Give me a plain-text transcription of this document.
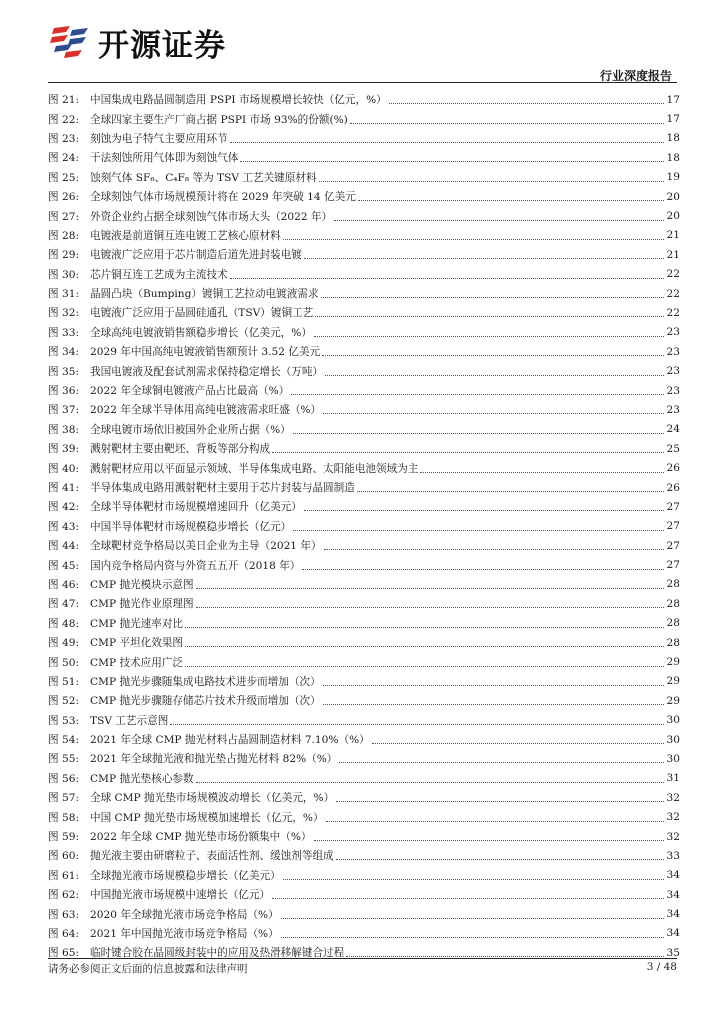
开源证券
行业深度报告
图 21:	中国集成电路晶圆制造用 PSPI 市场规模增长较快（亿元，%）	17
图 22:	全球四家主要生产厂商占据 PSPI 市场 93%的份额(%)	17
图 23:	刻蚀为电子特气主要应用环节	18
图 24:	干法刻蚀所用气体即为刻蚀气体	18
图 25:	蚀刻气体 SF₆、C₄F₈ 等为 TSV 工艺关键原材料	19
图 26:	全球刻蚀气体市场规模预计将在 2029 年突破 14 亿美元	20
图 27:	外资企业约占据全球刻蚀气体市场大头（2022 年）	20
图 28:	电镀液是前道铜互连电镀工艺核心原材料	21
图 29:	电镀液广泛应用于芯片制造后道先进封装电镀	21
图 30:	芯片铜互连工艺成为主流技术	22
图 31:	晶圆凸块（Bumping）镀铜工艺拉动电镀液需求	22
图 32:	电镀液广泛应用于晶圆硅通孔（TSV）镀铜工艺	22
图 33:	全球高纯电镀液销售额稳步增长（亿美元，%）	23
图 34:	2029 年中国高纯电镀液销售额预计 3.52 亿美元	23
图 35:	我国电镀液及配套试剂需求保持稳定增长（万吨）	23
图 36:	2022 年全球铜电镀液产品占比最高（%）	23
图 37:	2022 年全球半导体用高纯电镀液需求旺盛（%）	23
图 38:	全球电镀市场依旧被国外企业所占据（%）	24
图 39:	溅射靶材主要由靶坯、背板等部分构成	25
图 40:	溅射靶材应用以平面显示领域、半导体集成电路、太阳能电池领域为主	26
图 41:	半导体集成电路用溅射靶材主要用于芯片封装与晶圆制造	26
图 42:	全球半导体靶材市场规模增速回升（亿美元）	27
图 43:	中国半导体靶材市场规模稳步增长（亿元）	27
图 44:	全球靶材竞争格局以美日企业为主导（2021 年）	27
图 45:	国内竞争格局内资与外资五五开（2018 年）	27
图 46:	CMP 抛光模块示意图	28
图 47:	CMP 抛光作业原理图	28
图 48:	CMP 抛光速率对比	28
图 49:	CMP 平坦化效果图	28
图 50:	CMP 技术应用广泛	29
图 51:	CMP 抛光步骤随集成电路技术进步而增加（次）	29
图 52:	CMP 抛光步骤随存储芯片技术升级而增加（次）	29
图 53:	TSV 工艺示意图	30
图 54:	2021 年全球 CMP 抛光材料占晶圆制造材料 7.10%（%）	30
图 55:	2021 年全球抛光液和抛光垫占抛光材料 82%（%）	30
图 56:	CMP 抛光垫核心参数	31
图 57:	全球 CMP 抛光垫市场规模波动增长（亿美元，%）	32
图 58:	中国 CMP 抛光垫市场规模加速增长（亿元，%）	32
图 59:	2022 年全球 CMP 抛光垫市场份额集中（%）	32
图 60:	抛光液主要由研磨粒子、表面活性剂、缓蚀剂等组成	33
图 61:	全球抛光液市场规模稳步增长（亿美元）	34
图 62:	中国抛光液市场规模中速增长（亿元）	34
图 63:	2020 年全球抛光液市场竞争格局（%）	34
图 64:	2021 年中国抛光液市场竞争格局（%）	34
图 65:	临时键合胶在晶圆级封装中的应用及热滑移解键合过程	35
请务必参阅正文后面的信息披露和法律声明	3 / 48
